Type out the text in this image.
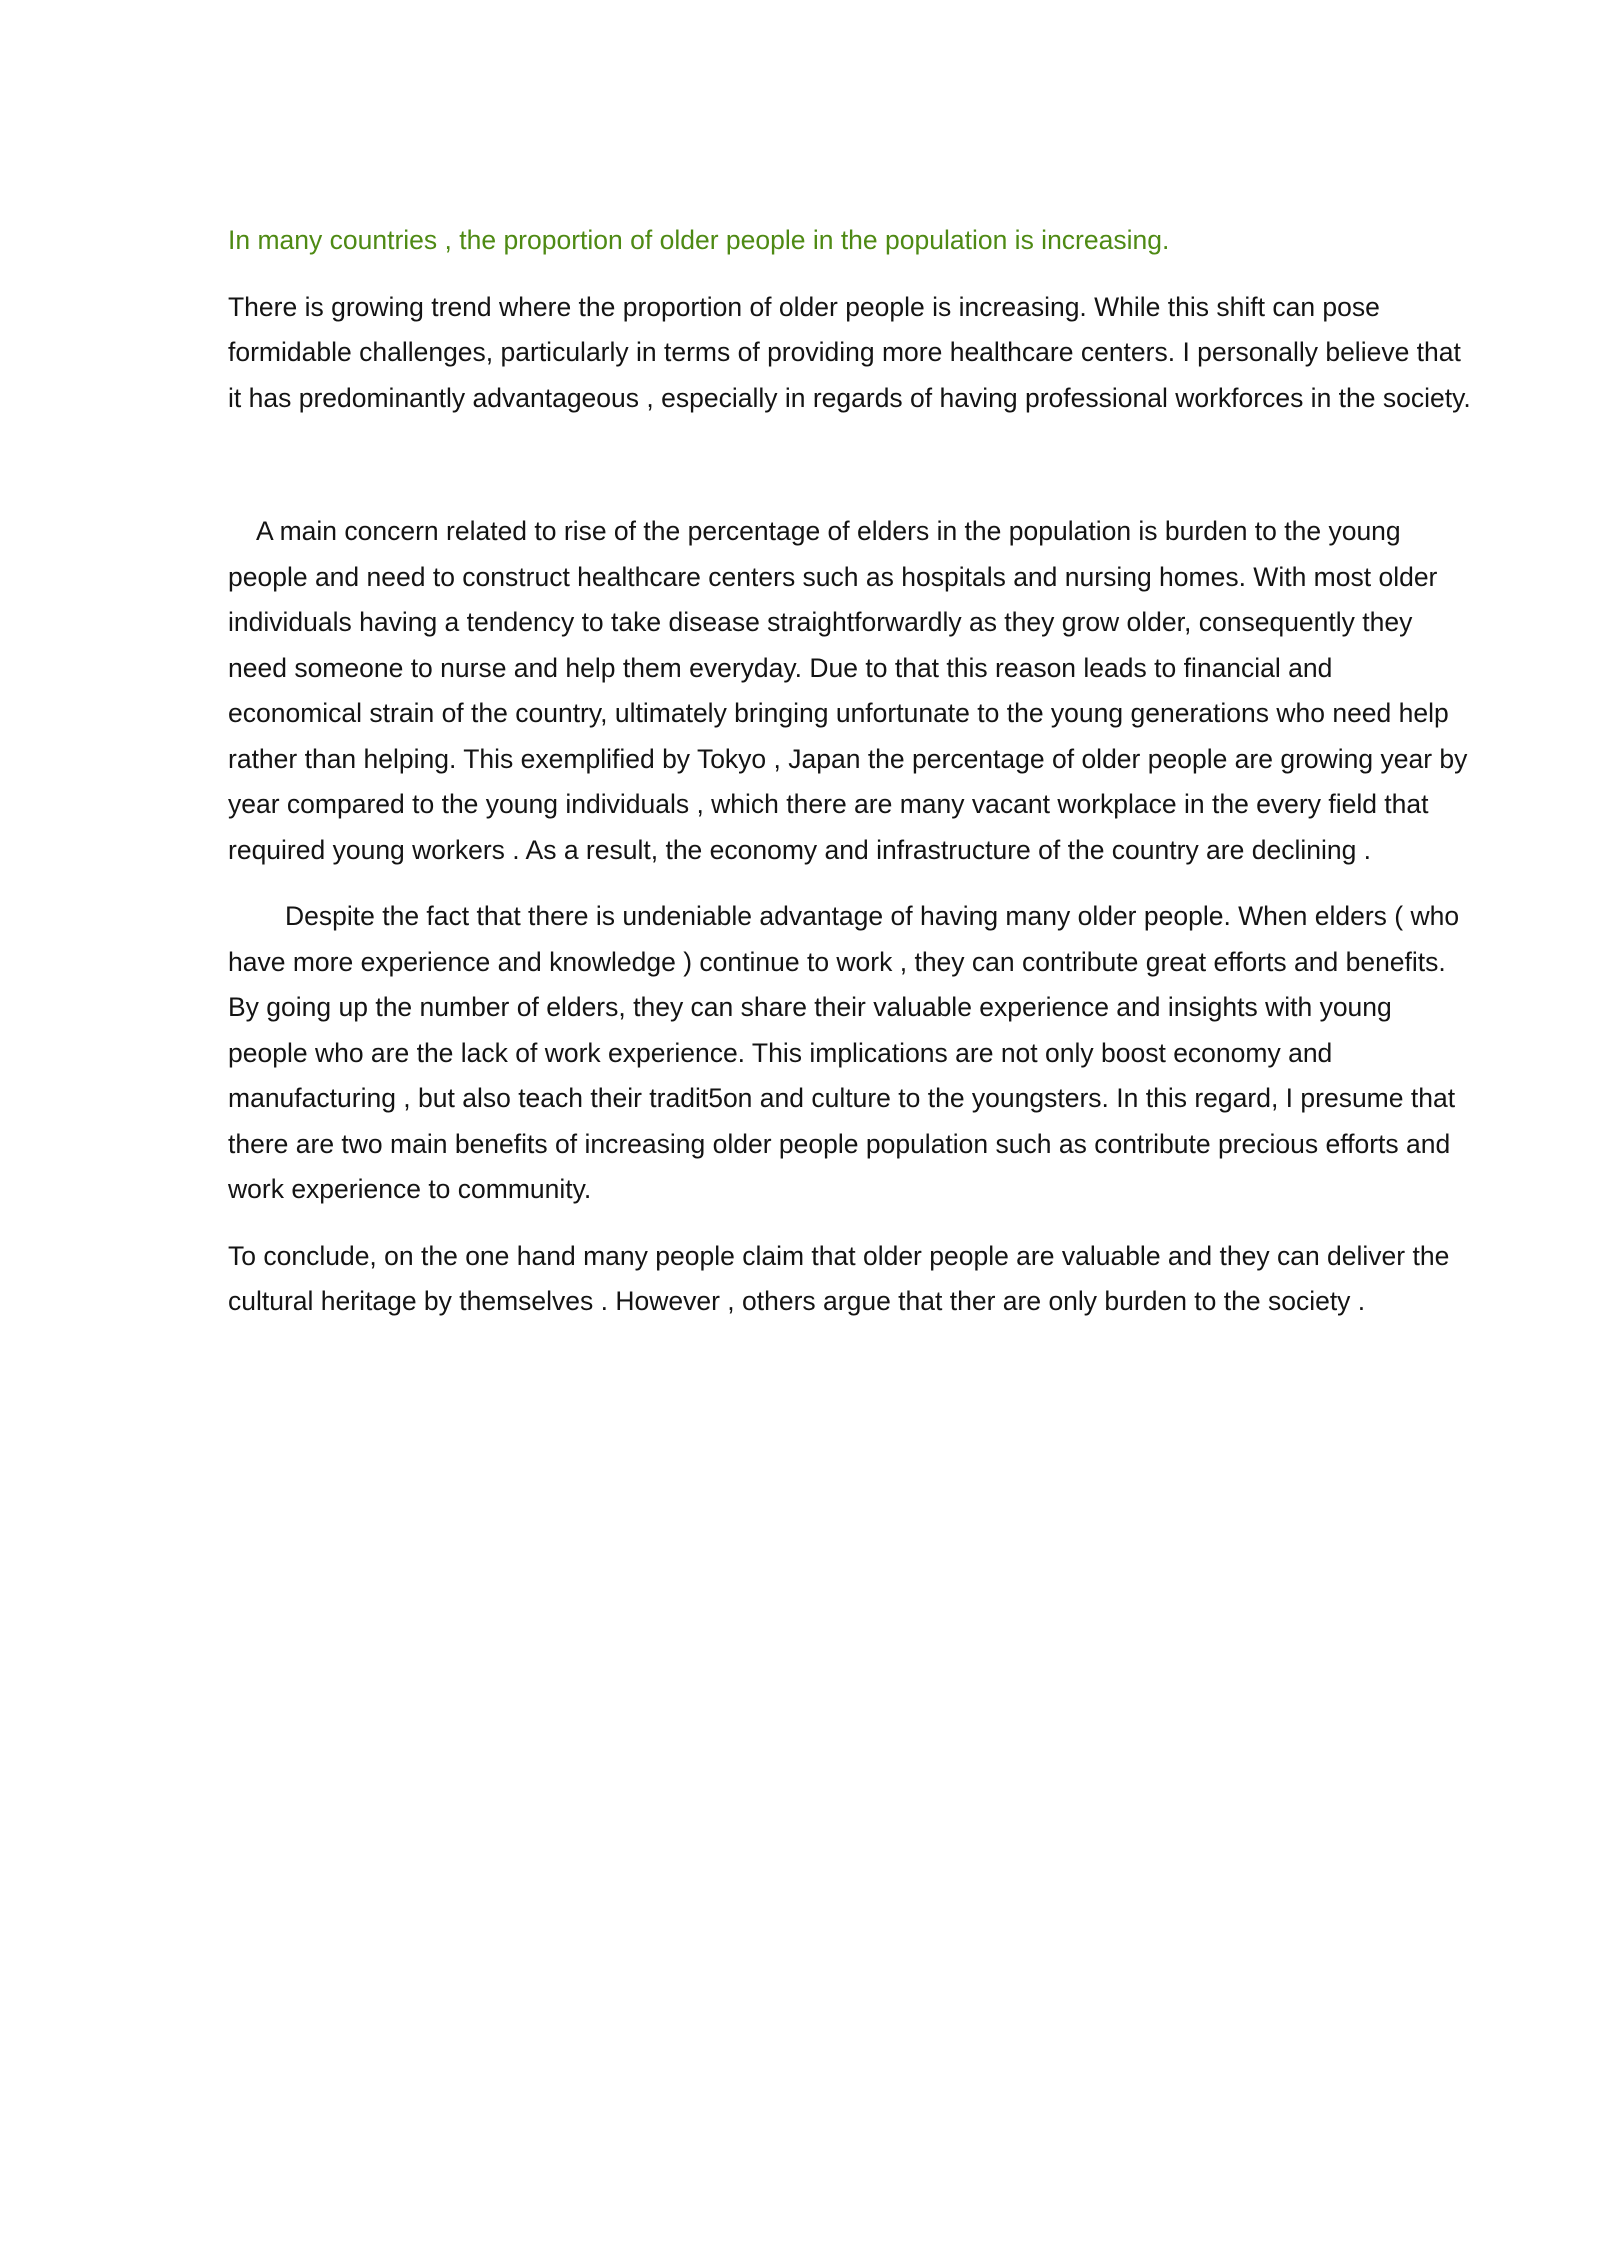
In many countries , the proportion of older people in the population is increasing.

There is growing trend where the proportion of older people is increasing. While this shift can pose formidable challenges, particularly in terms of providing more healthcare centers. I personally believe that it has predominantly advantageous , especially in regards of having professional workforces in the society.

A main concern related to rise of the percentage of elders in the population is burden to the young people and need to construct healthcare centers such as hospitals and nursing homes. With most older individuals having a tendency to take disease straightforwardly as they grow older, consequently they need someone to nurse and help them everyday. Due to that this reason leads to financial and economical strain of the country, ultimately bringing unfortunate to the young generations who need help rather than helping. This exemplified by Tokyo , Japan the percentage of older people are growing year by year compared to the young individuals , which there are many vacant workplace in the every field that required young workers . As a result, the economy and infrastructure of the country are declining .

Despite the fact that there is undeniable advantage of having many older people. When elders ( who have more experience and knowledge ) continue to work , they can contribute great efforts and benefits. By going up the number of elders, they can share their valuable experience and insights with young people who are the lack of work experience. This implications are not only boost economy and manufacturing , but also teach their tradit5on and culture to the youngsters. In this regard, I presume that there are two main benefits of increasing older people population such as contribute precious efforts and work experience to community.

To conclude, on the one hand many people claim that older people are valuable and they can deliver the cultural heritage by themselves . However , others argue that ther are only burden to the society .
